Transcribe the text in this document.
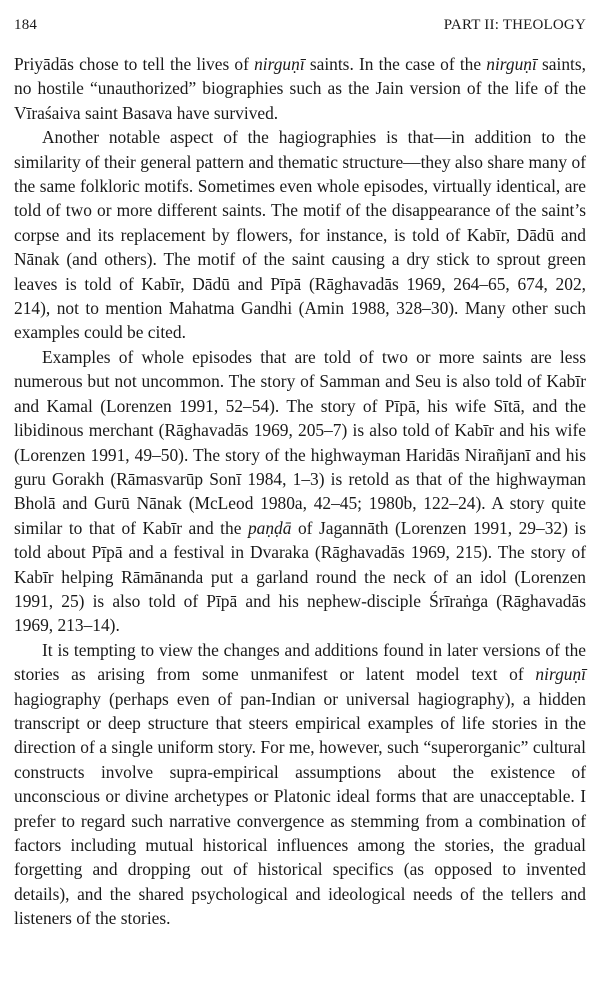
184	PART II: THEOLOGY

Priyādās chose to tell the lives of nirguṇī saints. In the case of the nirguṇī saints, no hostile “unauthorized” biographies such as the Jain version of the life of the Vīraśaiva saint Basava have survived.

Another notable aspect of the hagiographies is that—in addition to the similarity of their general pattern and thematic structure—they also share many of the same folkloric motifs. Sometimes even whole episodes, virtually identical, are told of two or more different saints. The motif of the disappearance of the saint’s corpse and its replacement by flowers, for instance, is told of Kabīr, Dādū and Nānak (and others). The motif of the saint causing a dry stick to sprout green leaves is told of Kabīr, Dādū and Pīpā (Rāghavadās 1969, 264–65, 674, 202, 214), not to mention Mahatma Gandhi (Amin 1988, 328–30). Many other such examples could be cited.

Examples of whole episodes that are told of two or more saints are less numerous but not uncommon. The story of Samman and Seu is also told of Kabīr and Kamal (Lorenzen 1991, 52–54). The story of Pīpā, his wife Sītā, and the libidinous merchant (Rāghavadās 1969, 205–7) is also told of Kabīr and his wife (Lorenzen 1991, 49–50). The story of the highwayman Haridās Nirañjanī and his guru Gorakh (Rāmasvarūp Sonī 1984, 1–3) is retold as that of the highwayman Bholā and Gurū Nānak (McLeod 1980a, 42–45; 1980b, 122–24). A story quite similar to that of Kabīr and the paṇḍā of Jagannāth (Lorenzen 1991, 29–32) is told about Pīpā and a festival in Dvaraka (Rāghavadās 1969, 215). The story of Kabīr helping Rāmānanda put a garland round the neck of an idol (Lorenzen 1991, 25) is also told of Pīpā and his nephew-disciple Śrīraṅga (Rāghavadās 1969, 213–14).

It is tempting to view the changes and additions found in later versions of the stories as arising from some unmanifest or latent model text of nirguṇī hagiography (perhaps even of pan-Indian or universal hagiography), a hidden transcript or deep structure that steers empirical examples of life stories in the direction of a single uniform story. For me, however, such “superorganic” cultural constructs involve supra-empirical assumptions about the existence of unconscious or divine archetypes or Platonic ideal forms that are unacceptable. I prefer to regard such narrative convergence as stemming from a combination of factors including mutual historical influences among the stories, the gradual forgetting and dropping out of historical specifics (as opposed to invented details), and the shared psychological and ideological needs of the tellers and listeners of the stories.
